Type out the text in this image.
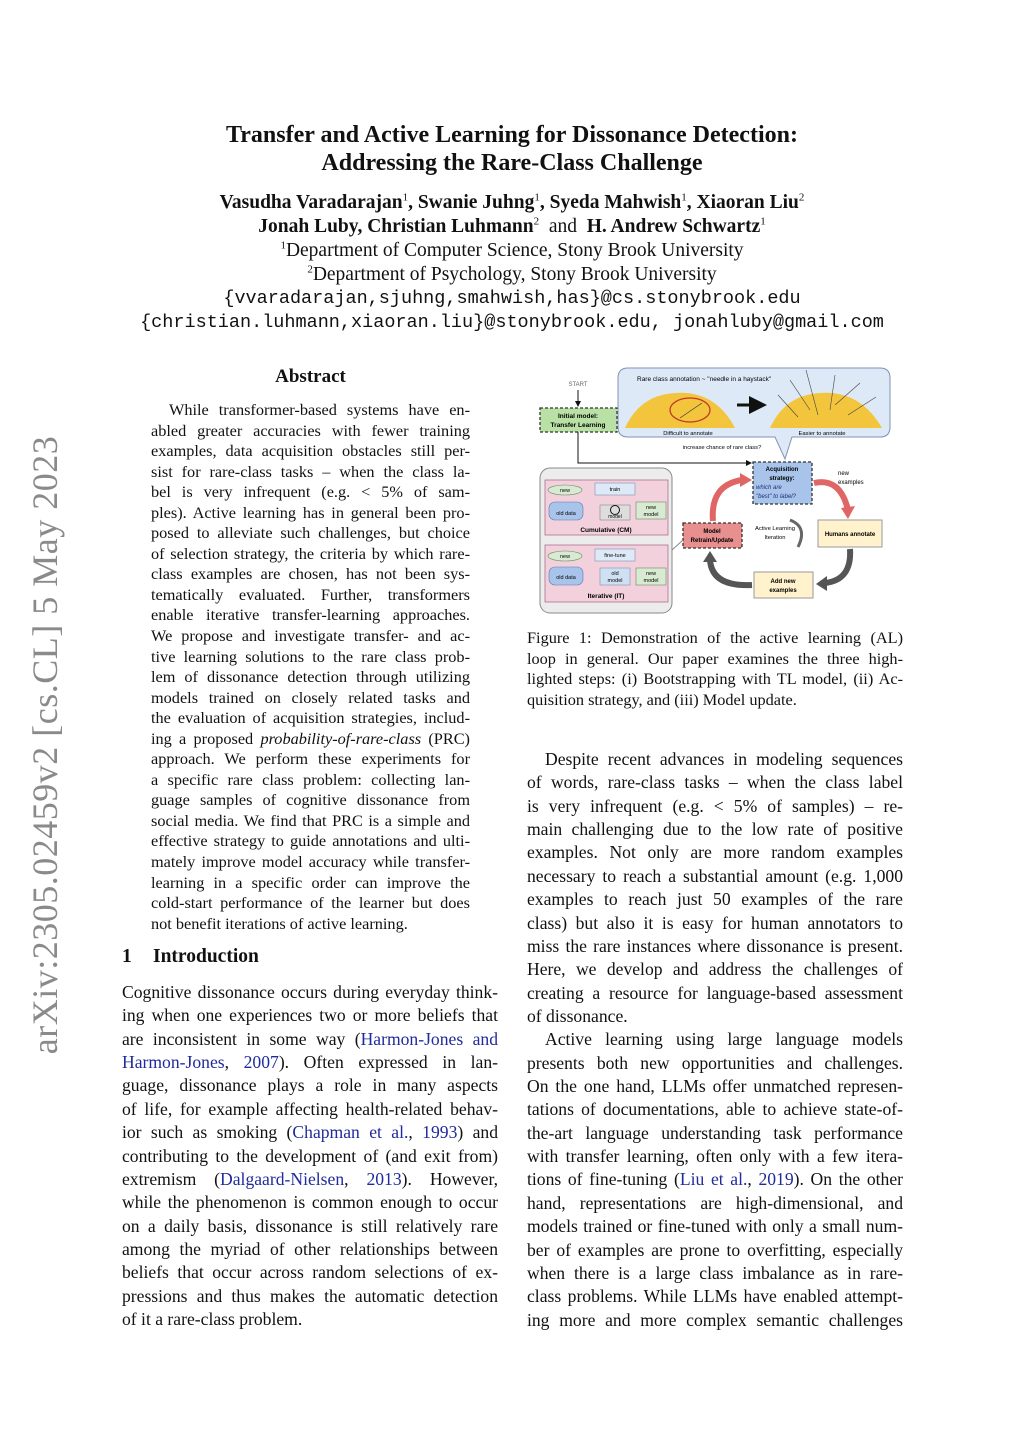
arXiv:2305.02459v2 [cs.CL] 5 May 2023
Transfer and Active Learning for Dissonance Detection:
Addressing the Rare-Class Challenge
Vasudha Varadarajan$^1$, Swanie Juhng$^1$, Syeda Mahwish$^1$, Xiaoran Liu$^2$
Jonah Luby, Christian Luhmann$^2$  and  H. Andrew Schwartz$^1$
$^1$Department of Computer Science, Stony Brook University
$^2$Department of Psychology, Stony Brook University
{vvaradarajan,sjuhng,smahwish,has}@cs.stonybrook.edu
{christian.luhmann,xiaoran.liu}@stonybrook.edu, jonahluby@gmail.com
Abstract
While transformer-based systems have en-
abled greater accuracies with fewer training
examples, data acquisition obstacles still per-
sist for rare-class tasks – when the class la-
bel is very infrequent (e.g. < 5% of sam-
ples). Active learning has in general been pro-
posed to alleviate such challenges, but choice
of selection strategy, the criteria by which rare-
class examples are chosen, has not been sys-
tematically evaluated. Further, transformers
enable iterative transfer-learning approaches.
We propose and investigate transfer- and ac-
tive learning solutions to the rare class prob-
lem of dissonance detection through utilizing
models trained on closely related tasks and
the evaluation of acquisition strategies, includ-
ing a proposed probability-of-rare-class (PRC)
approach. We perform these experiments for
a specific rare class problem: collecting lan-
guage samples of cognitive dissonance from
social media. We find that PRC is a simple and
effective strategy to guide annotations and ulti-
mately improve model accuracy while transfer-
learning in a specific order can improve the
cold-start performance of the learner but does
not benefit iterations of active learning.
1 Introduction
Cognitive dissonance occurs during everyday think-
ing when one experiences two or more beliefs that
are inconsistent in some way (Harmon-Jones and
Harmon-Jones, 2007). Often expressed in lan-
guage, dissonance plays a role in many aspects
of life, for example affecting health-related behav-
ior such as smoking (Chapman et al., 1993) and
contributing to the development of (and exit from)
extremism (Dalgaard-Nielsen, 2013). However,
while the phenomenon is common enough to occur
on a daily basis, dissonance is still relatively rare
among the myriad of other relationships between
beliefs that occur across random selections of ex-
pressions and thus makes the automatic detection
of it a rare-class problem.
START
Initial model:
Transfer Learning
Rare class annotation ~ "needle in a haystack"
Difficult to annotate	Easier to annotate
increase chance of rare class?
Acquisition
strategy:
which are
"best" to label?
new
examples
Humans annotate
Add new
examples
Model
Retrain/Update
Active Learning
Iteration
new	train
old data	model
new
model
Cumulative (CM)
new	fine-tune
old data
old
model
new
model
Iterative (IT)
Figure 1: Demonstration of the active learning (AL)
loop in general. Our paper examines the three high-
lighted steps: (i) Bootstrapping with TL model, (ii) Ac-
quisition strategy, and (iii) Model update.
Despite recent advances in modeling sequences
of words, rare-class tasks – when the class label
is very infrequent (e.g. < 5% of samples) – re-
main challenging due to the low rate of positive
examples. Not only are more random examples
necessary to reach a substantial amount (e.g. 1,000
examples to reach just 50 examples of the rare
class) but also it is easy for human annotators to
miss the rare instances where dissonance is present.
Here, we develop and address the challenges of
creating a resource for language-based assessment
of dissonance.
Active learning using large language models
presents both new opportunities and challenges.
On the one hand, LLMs offer unmatched represen-
tations of documentations, able to achieve state-of-
the-art language understanding task performance
with transfer learning, often only with a few itera-
tions of fine-tuning (Liu et al., 2019). On the other
hand, representations are high-dimensional, and
models trained or fine-tuned with only a small num-
ber of examples are prone to overfitting, especially
when there is a large class imbalance as in rare-
class problems. While LLMs have enabled attempt-
ing more and more complex semantic challenges
